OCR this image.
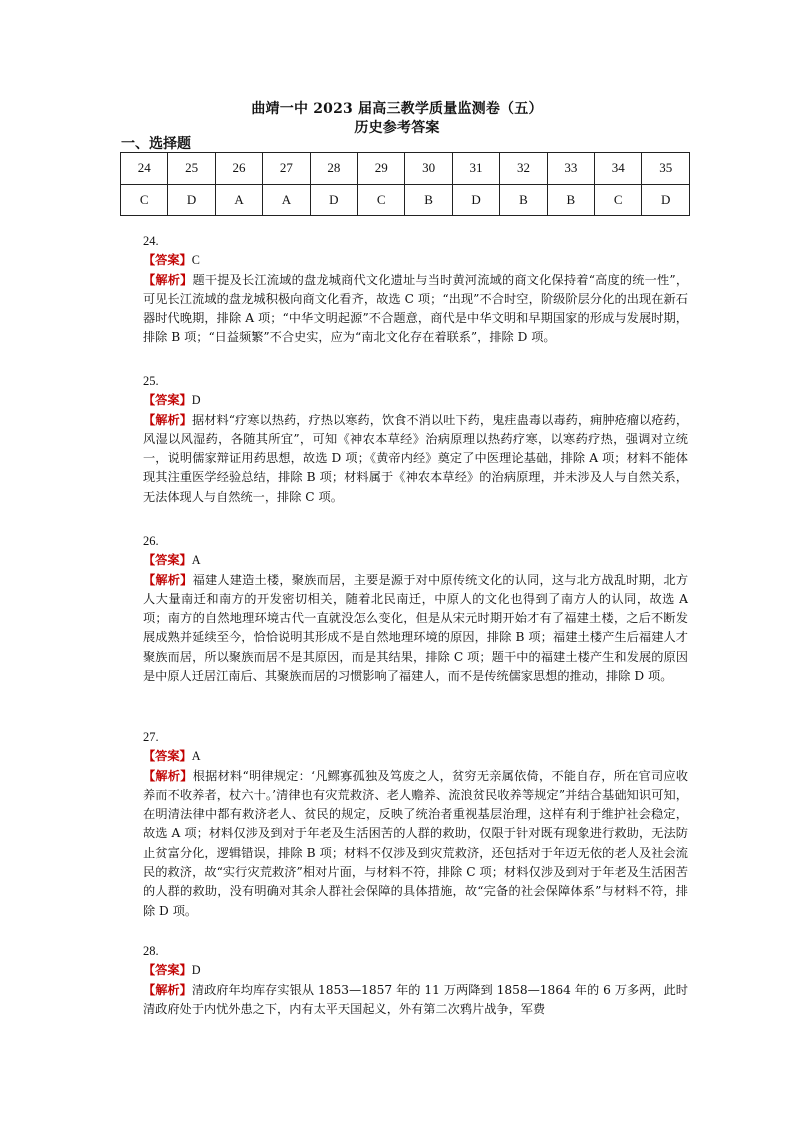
曲靖一中 2023 届高三教学质量监测卷（五）
历史参考答案
一、选择题
24	25	26	27	28	29	30	31	32	33	34	35
C	D	A	A	D	C	B	D	B	B	C	D

24.

【答案】C

【解析】题干提及长江流域的盘龙城商代文化遗址与当时黄河流域的商文化保持着“高度的统一性”，可见长江流域的盘龙城积极向商文化看齐，故选 C 项；“出现”不合时空，阶级阶层分化的出现在新石器时代晚期，排除 A 项；“中华文明起源”不合题意，商代是中华文明和早期国家的形成与发展时期，排除 B 项；“日益频繁”不合史实，应为“南北文化存在着联系”，排除 D 项。

25.

【答案】D

【解析】据材料“疗寒以热药，疗热以寒药，饮食不消以吐下药，鬼疰蛊毒以毒药，痈肿疮瘤以疮药，风湿以风湿药，各随其所宜”，可知《神农本草经》治病原理以热药疗寒，以寒药疗热，强调对立统一，说明儒家辩证用药思想，故选 D 项；《黄帝内经》奠定了中医理论基础，排除 A 项；材料不能体现其注重医学经验总结，排除 B 项；材料属于《神农本草经》的治病原理，并未涉及人与自然关系，无法体现人与自然统一，排除 C 项。

26.

【答案】A

【解析】福建人建造土楼，聚族而居，主要是源于对中原传统文化的认同，这与北方战乱时期，北方人大量南迁和南方的开发密切相关，随着北民南迁，中原人的文化也得到了南方人的认同，故选 A 项；南方的自然地理环境古代一直就没怎么变化，但是从宋元时期开始才有了福建土楼，之后不断发展成熟并延续至今，恰恰说明其形成不是自然地理环境的原因，排除 B 项；福建土楼产生后福建人才聚族而居，所以聚族而居不是其原因，而是其结果，排除 C 项；题干中的福建土楼产生和发展的原因是中原人迁居江南后、其聚族而居的习惯影响了福建人，而不是传统儒家思想的推动，排除 D 项。

27.

【答案】A

【解析】根据材料“明律规定：‘凡鳏寡孤独及笃废之人，贫穷无亲属依倚，不能自存，所在官司应收养而不收养者，杖六十。’清律也有灾荒救济、老人赡养、流浪贫民收养等规定”并结合基础知识可知，在明清法律中都有救济老人、贫民的规定，反映了统治者重视基层治理，这样有利于维护社会稳定，故选 A 项；材料仅涉及到对于年老及生活困苦的人群的救助，仅限于针对既有现象进行救助，无法防止贫富分化，逻辑错误，排除 B 项；材料不仅涉及到灾荒救济，还包括对于年迈无依的老人及社会流民的救济，故“实行灾荒救济”相对片面，与材料不符，排除 C 项；材料仅涉及到对于年老及生活困苦的人群的救助，没有明确对其余人群社会保障的具体措施，故“完备的社会保障体系”与材料不符，排除 D 项。

28.

【答案】D

【解析】清政府年均库存实银从 1853—1857 年的 11 万两降到 1858—1864 年的 6 万多两，此时清政府处于内忧外患之下，内有太平天国起义，外有第二次鸦片战争，军费
